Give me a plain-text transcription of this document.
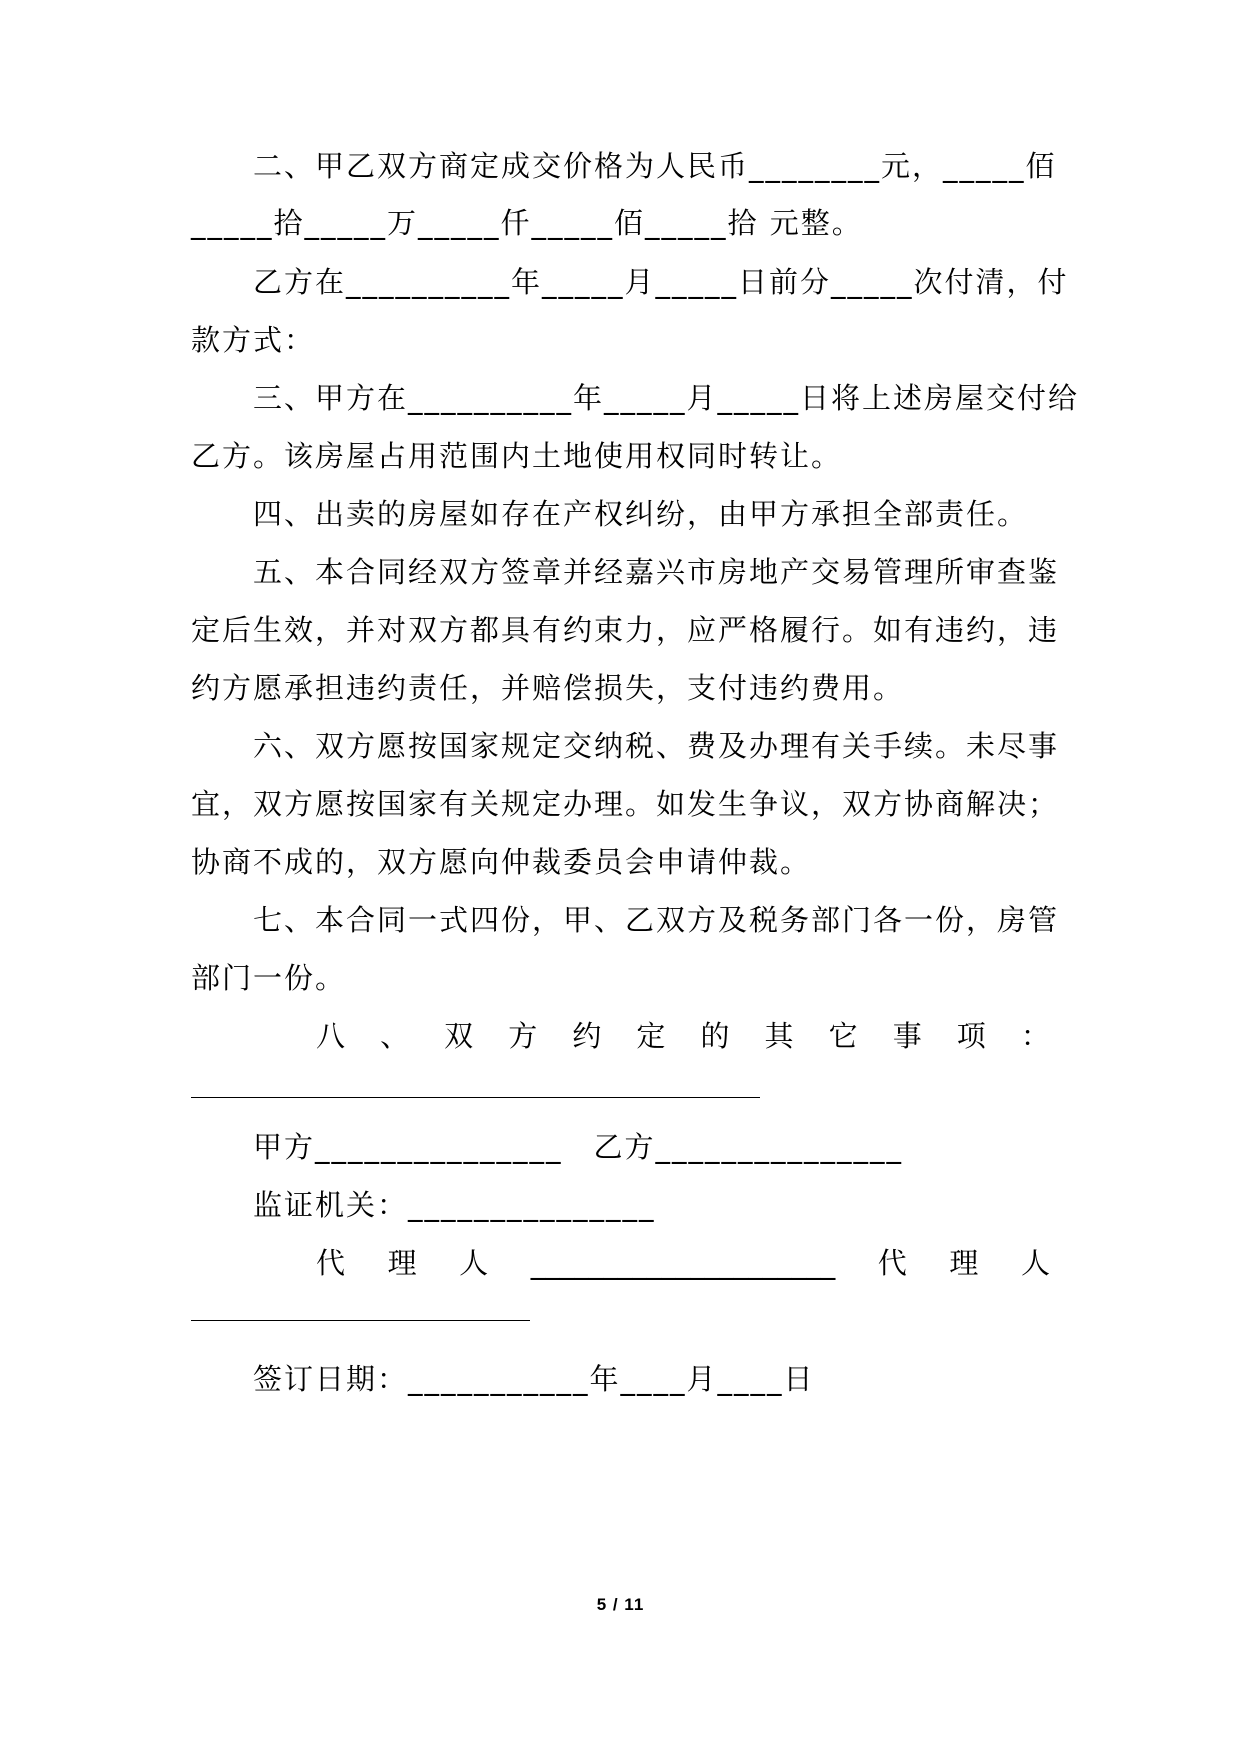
　　二、甲乙双方商定成交价格为人民币________元，_____佰
_____拾_____万_____仟_____佰_____拾 元整。
　　乙方在__________年_____月_____日前分_____次付清，付
款方式：
　　三、甲方在__________年_____月_____日将上述房屋交付给
乙方。该房屋占用范围内土地使用权同时转让。
　　四、出卖的房屋如存在产权纠纷，由甲方承担全部责任。
　　五、本合同经双方签章并经嘉兴市房地产交易管理所审查鉴
定后生效，并对双方都具有约束力，应严格履行。如有违约，违
约方愿承担违约责任，并赔偿损失，支付违约费用。
　　六、双方愿按国家规定交纳税、费及办理有关手续。未尽事
宜，双方愿按国家有关规定办理。如发生争议，双方协商解决；
协商不成的，双方愿向仲裁委员会申请仲裁。
　　七、本合同一式四份，甲、乙双方及税务部门各一份，房管
部门一份。
八 、 双 方 约 定 的 其 它 事 项 ：
　　甲方_______________　乙方_______________
　　监证机关：_______________
代 理 人 _____________________ 代 理 人
　　签订日期：___________年____月____日
5 / 11
